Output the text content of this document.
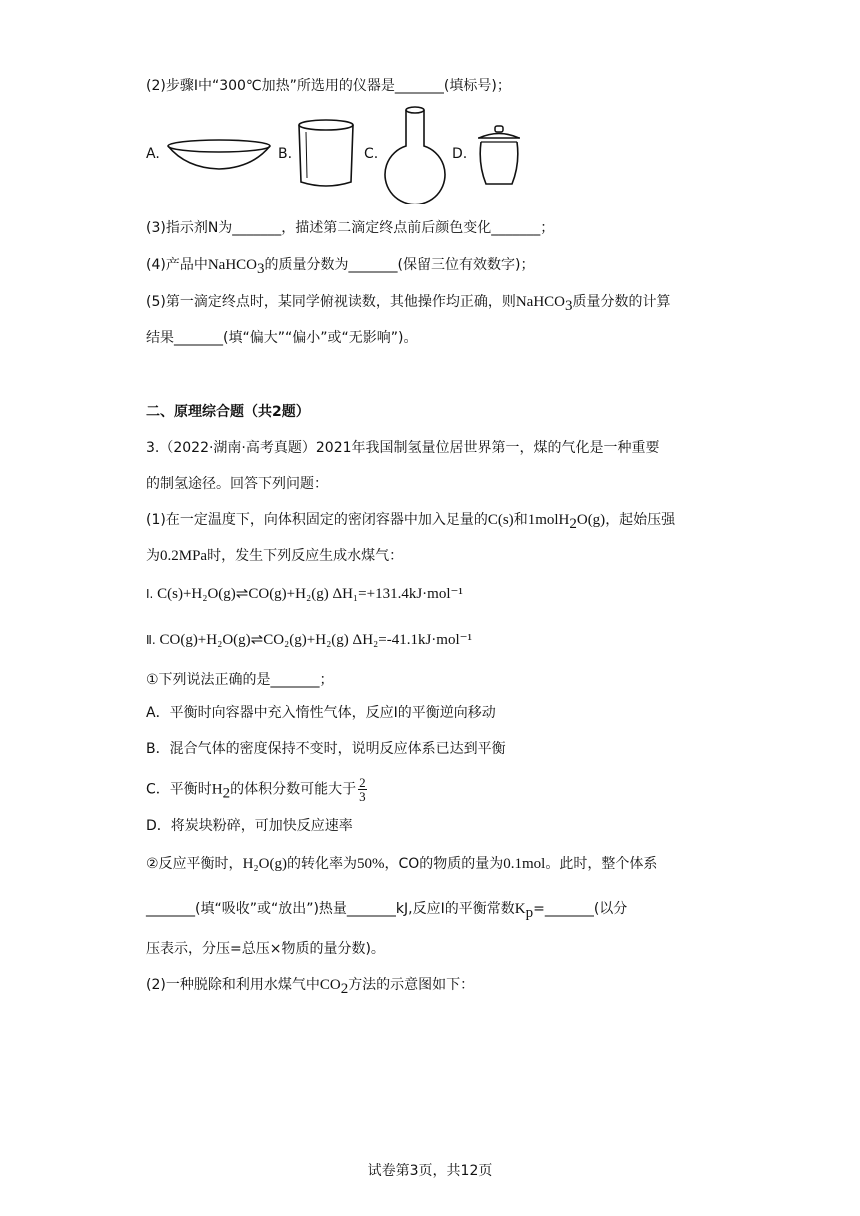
(2)步骤Ⅰ中“300℃加热”所选用的仪器是_______(填标号)；
A.	B.	C.	D.
(3)指示剂N为_______，描述第二滴定终点前后颜色变化_______；
(4)产品中NaHCO$_3$的质量分数为_______(保留三位有效数字)；
(5)第一滴定终点时，某同学俯视读数，其他操作均正确，则NaHCO$_3$质量分数的计算
结果_______(填“偏大”“偏小”或“无影响”)。
二、原理综合题（共2题）
3.（2022·湖南·高考真题）2021年我国制氢量位居世界第一，煤的气化是一种重要
的制氢途径。回答下列问题：
(1)在一定温度下，向体积固定的密闭容器中加入足量的C(s)和1molH$_2$O(g)，起始压强
为0.2MPa时，发生下列反应生成水煤气：
Ⅰ. C(s)+H₂O(g)⇌CO(g)+H₂(g) ΔH₁=+131.4kJ·mol⁻¹
Ⅱ. CO(g)+H₂O(g)⇌CO₂(g)+H₂(g) ΔH₂=-41.1kJ·mol⁻¹
①下列说法正确的是_______；
A．平衡时向容器中充入惰性气体，反应Ⅰ的平衡逆向移动
B．混合气体的密度保持不变时，说明反应体系已达到平衡
C．平衡时$H_2$的体积分数可能大于 $\frac{2}{3}$
D．将炭块粉碎，可加快反应速率
②反应平衡时，H₂O(g)的转化率为50%，CO的物质的量为0.1mol。此时，整个体系
_______(填“吸收”或“放出”)热量_______kJ,反应Ⅰ的平衡常数$K_p=\_\_\_\_\_\_\_$(以分
压表示，分压=总压×物质的量分数)。
(2)一种脱除和利用水煤气中$CO_2$方法的示意图如下：
试卷第3页，共12页
